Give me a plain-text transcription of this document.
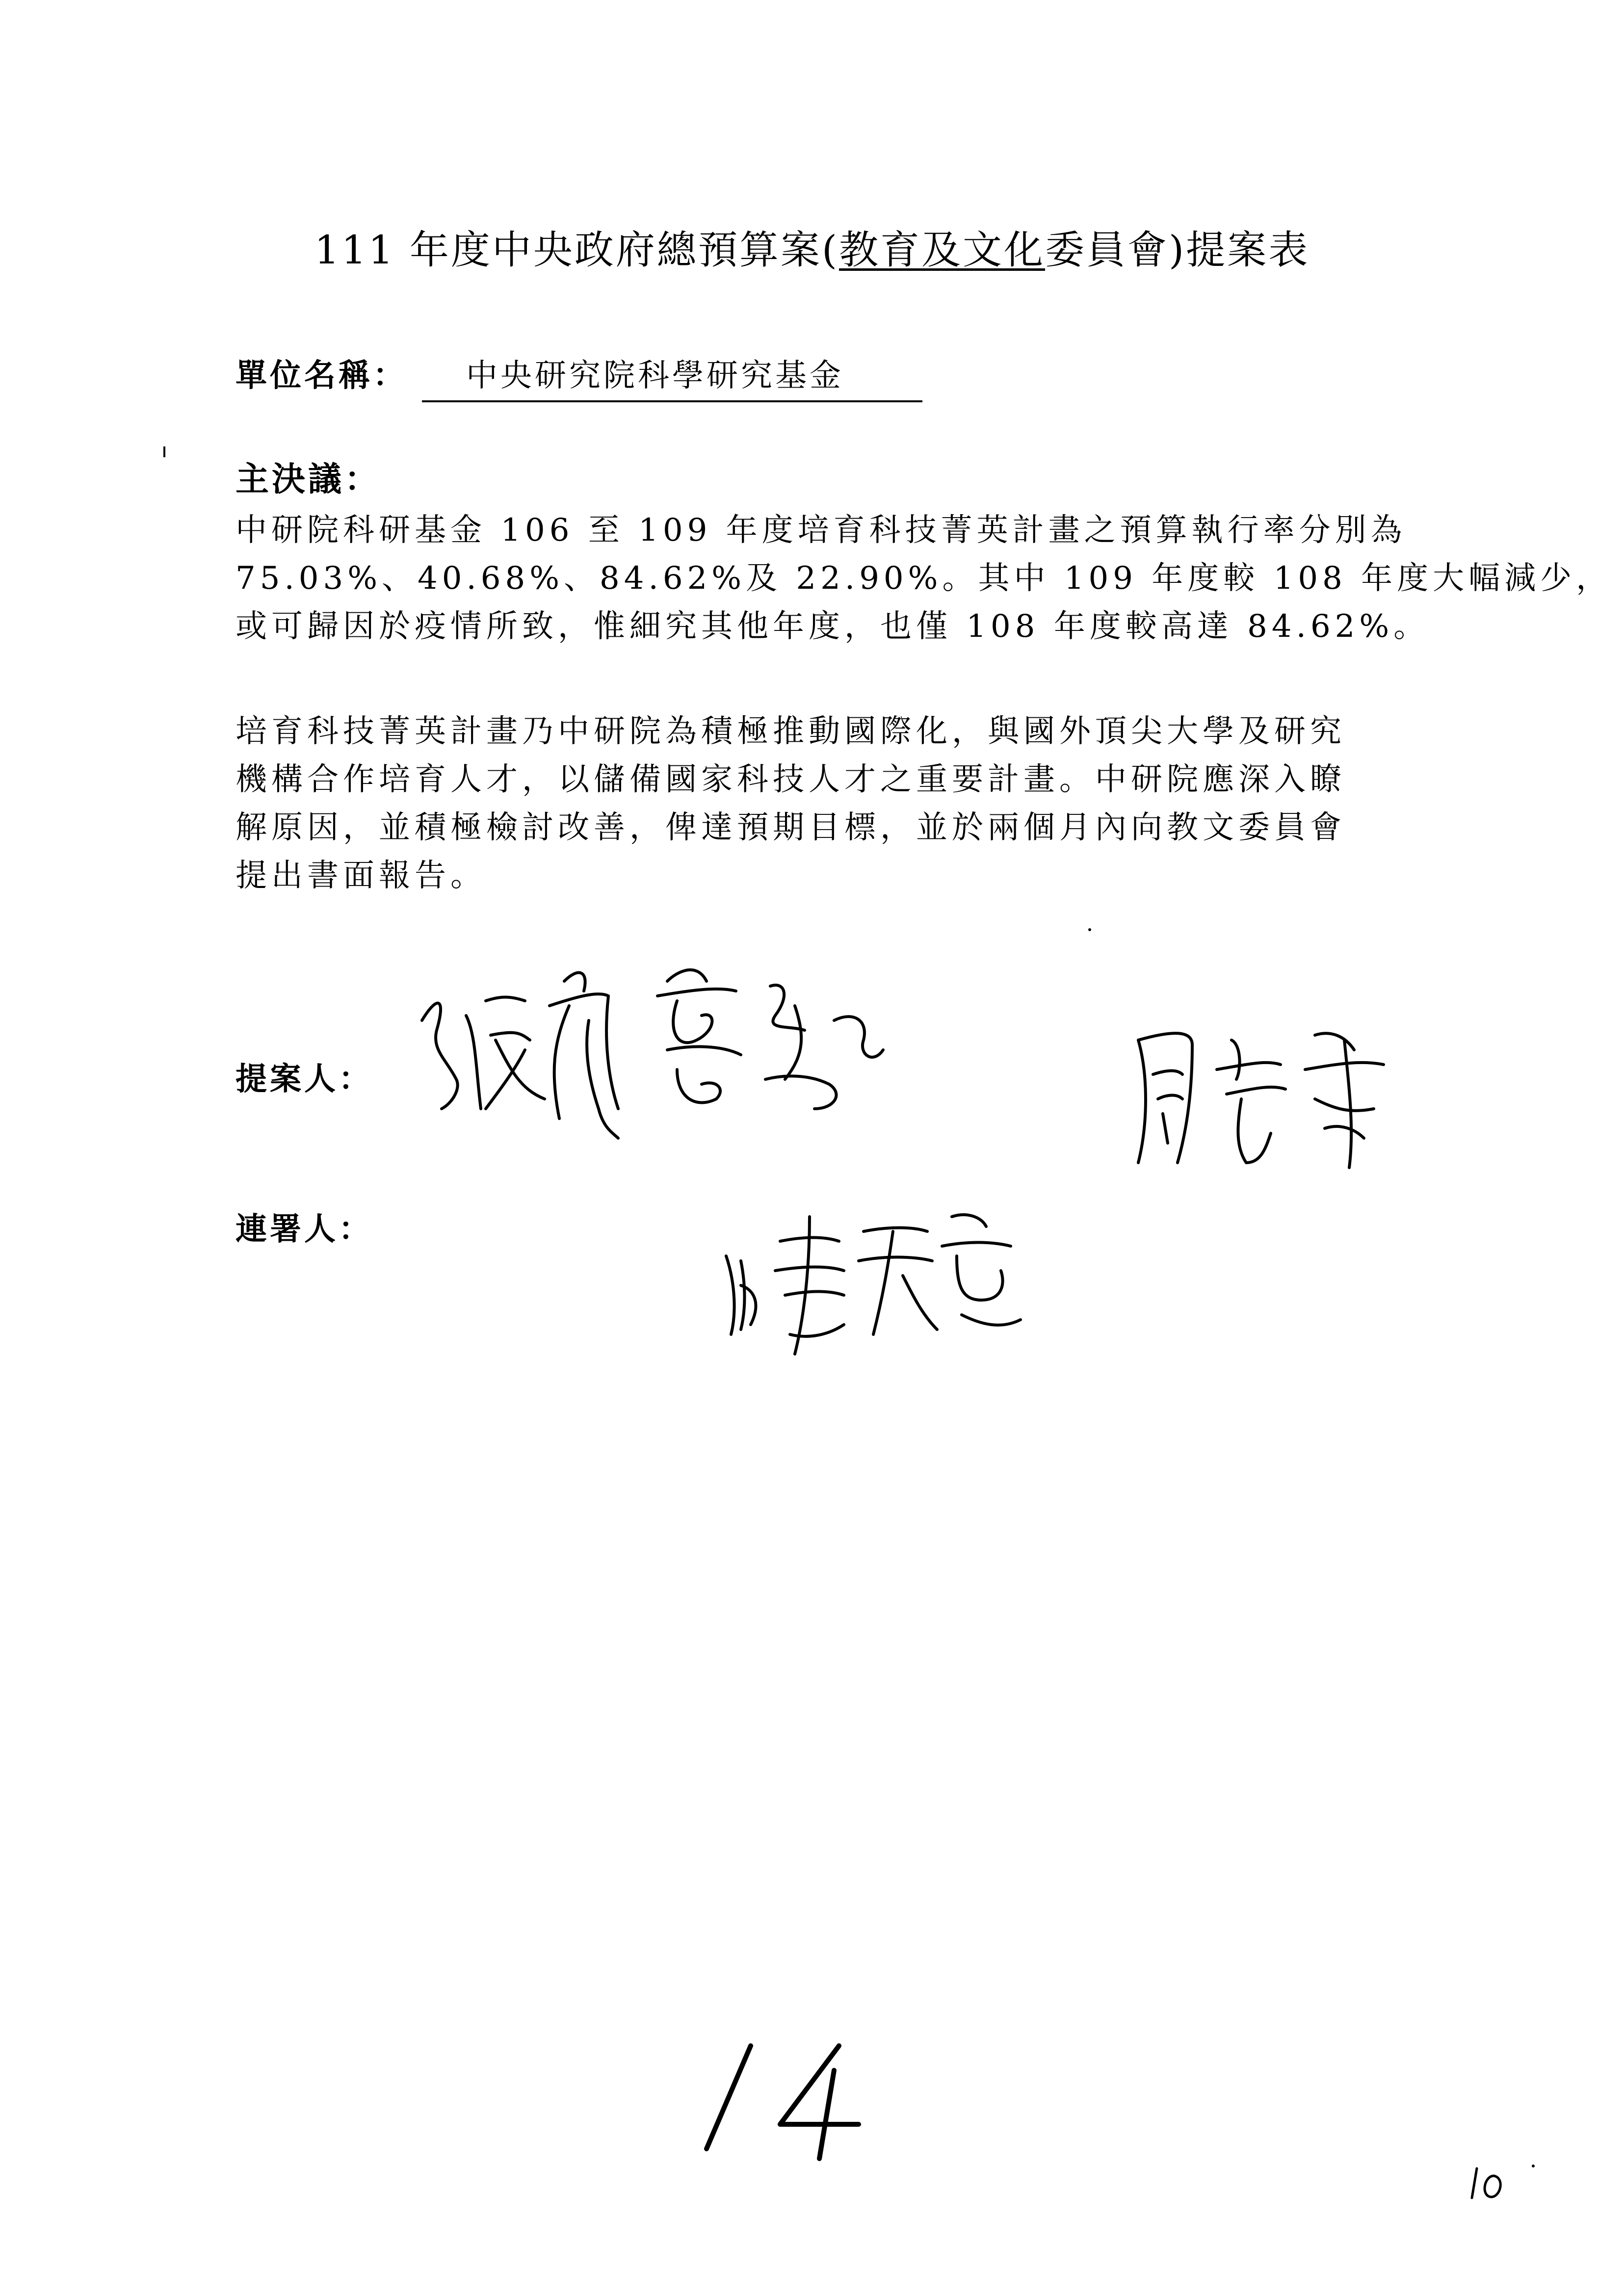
111 年度中央政府總預算案(教育及文化委員會)提案表
單位名稱：	中央研究院科學研究基金
主決議：

中研院科研基金 106 至 109 年度培育科技菁英計畫之預算執行率分別為

75.03%、40.68%、84.62%及 22.90%。其中 109 年度較 108 年度大幅減少，

或可歸因於疫情所致，惟細究其他年度，也僅 108 年度較高達 84.62%。

培育科技菁英計畫乃中研院為積極推動國際化，與國外頂尖大學及研究

機構合作培育人才，以儲備國家科技人才之重要計畫。中研院應深入瞭

解原因，並積極檢討改善，俾達預期目標，並於兩個月內向教文委員會

提出書面報告。

提案人：
連署人：
